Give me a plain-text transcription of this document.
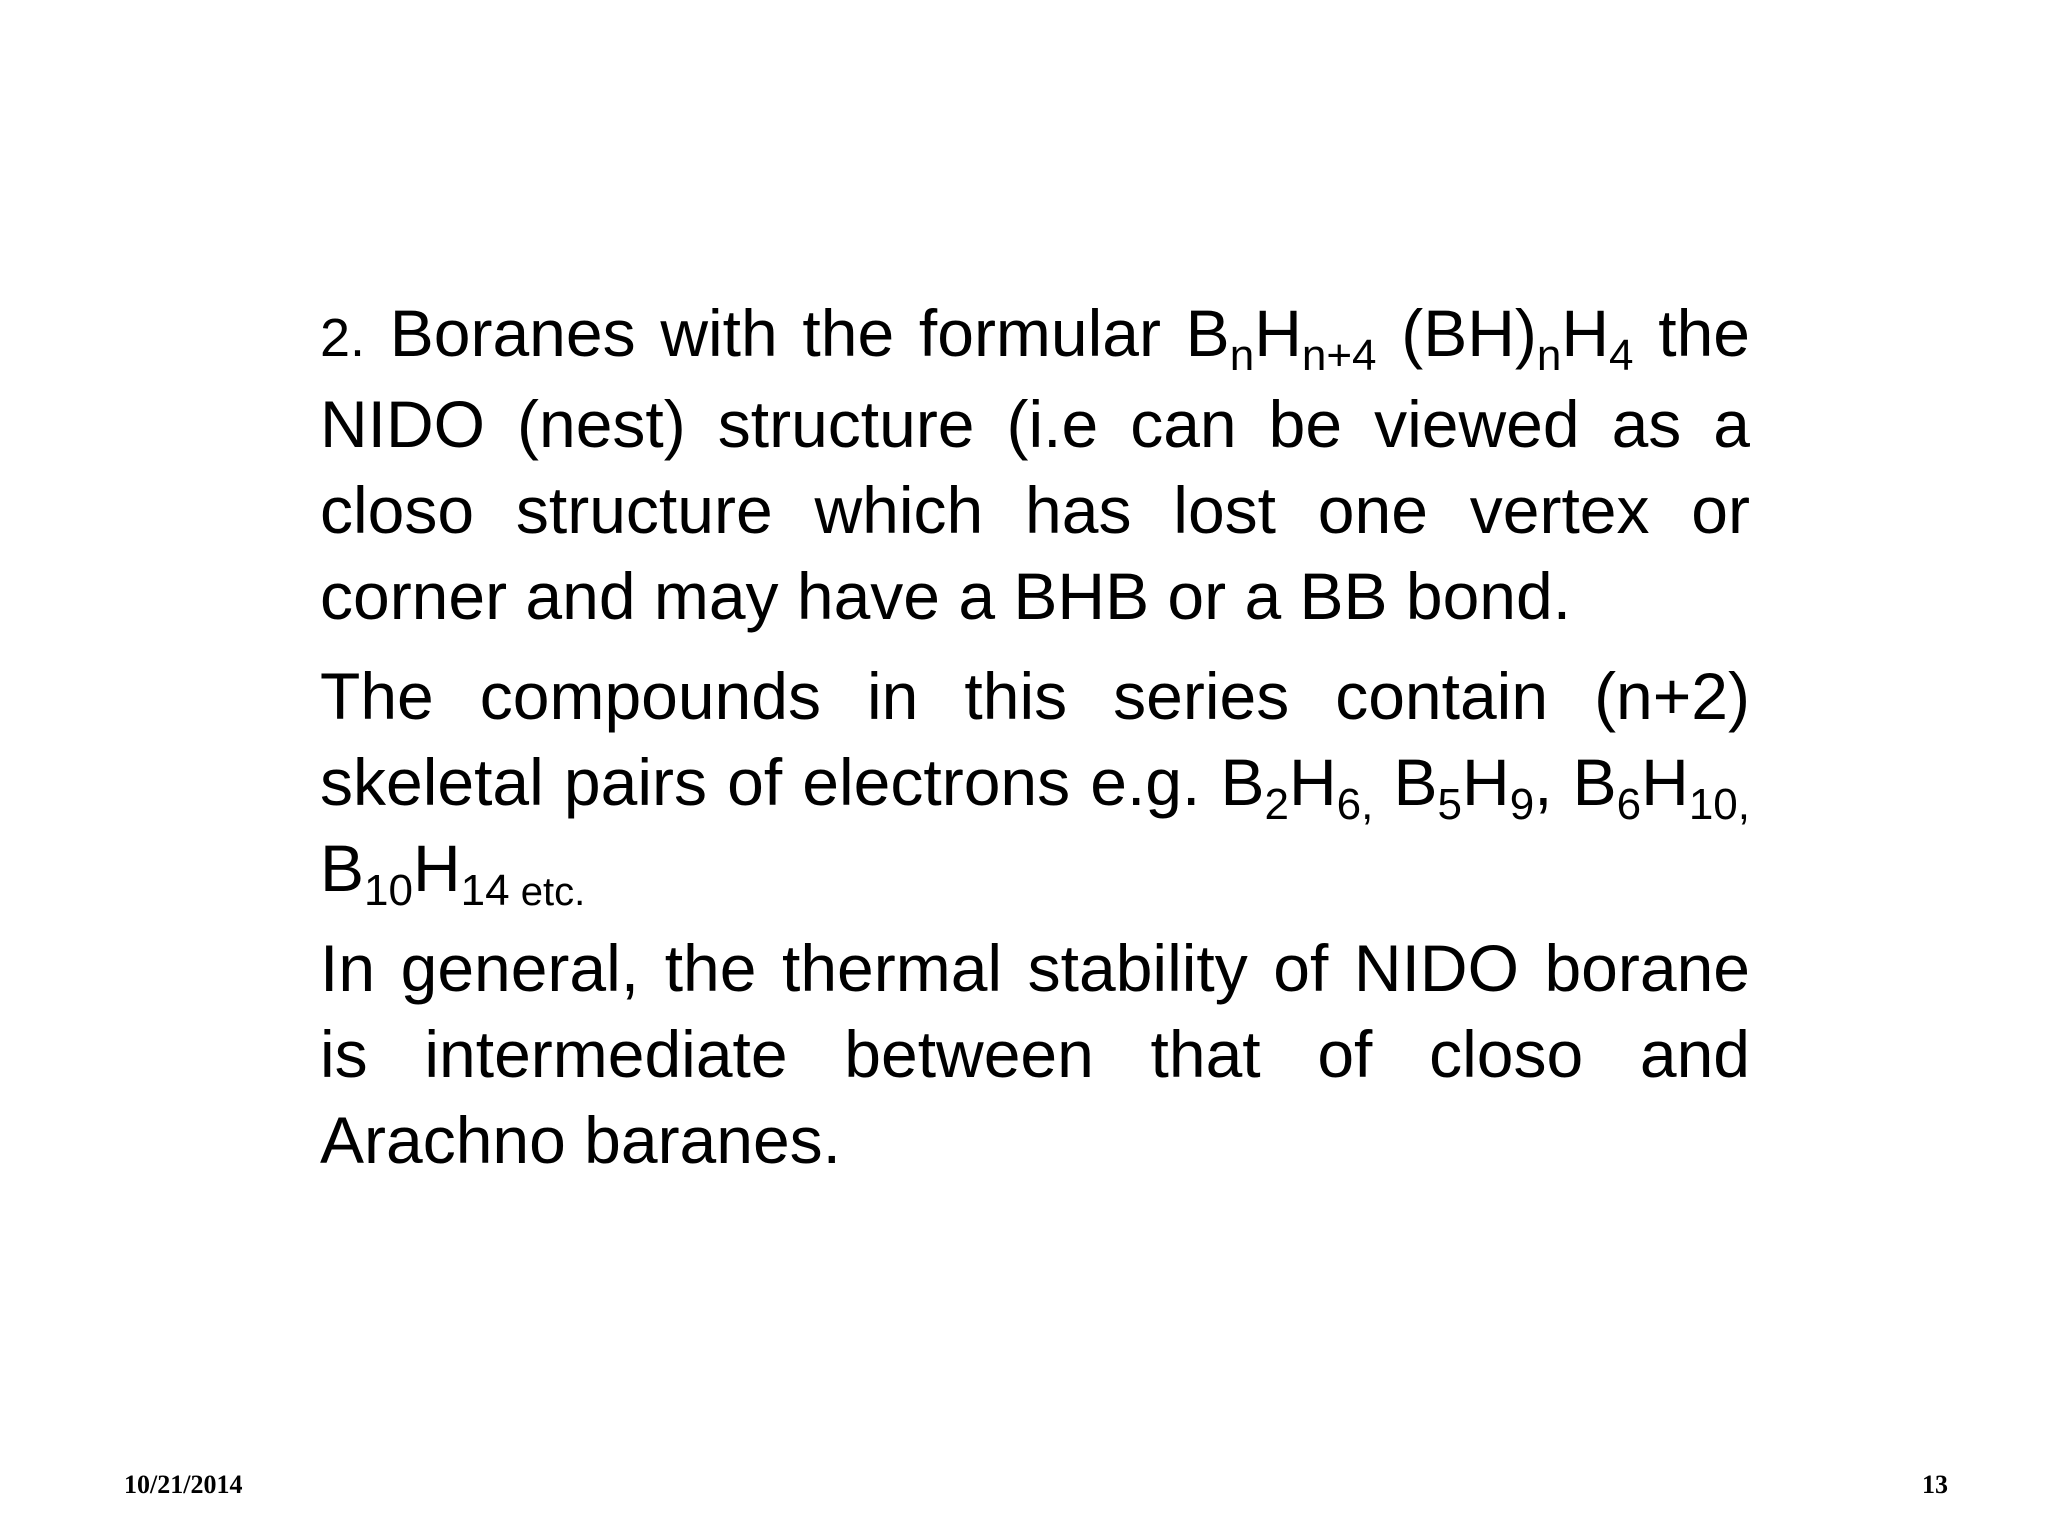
2. Boranes with the formular $B_nH_{n+4}$ $(BH)_nH_4$ the NIDO (nest) structure (i.e can be viewed as a closo structure which has lost one vertex or corner and may have a BHB or a BB bond.

The compounds in this series contain (n+2) skeletal pairs of electrons e.g. $B_2H_{6,}$ $B_5H_9$, $B_6H_{10,}$ $B_{10}H_{14}$ $_{etc.}$

In general, the thermal stability of NIDO borane is intermediate between that of closo and Arachno baranes.

10/21/2014	13
